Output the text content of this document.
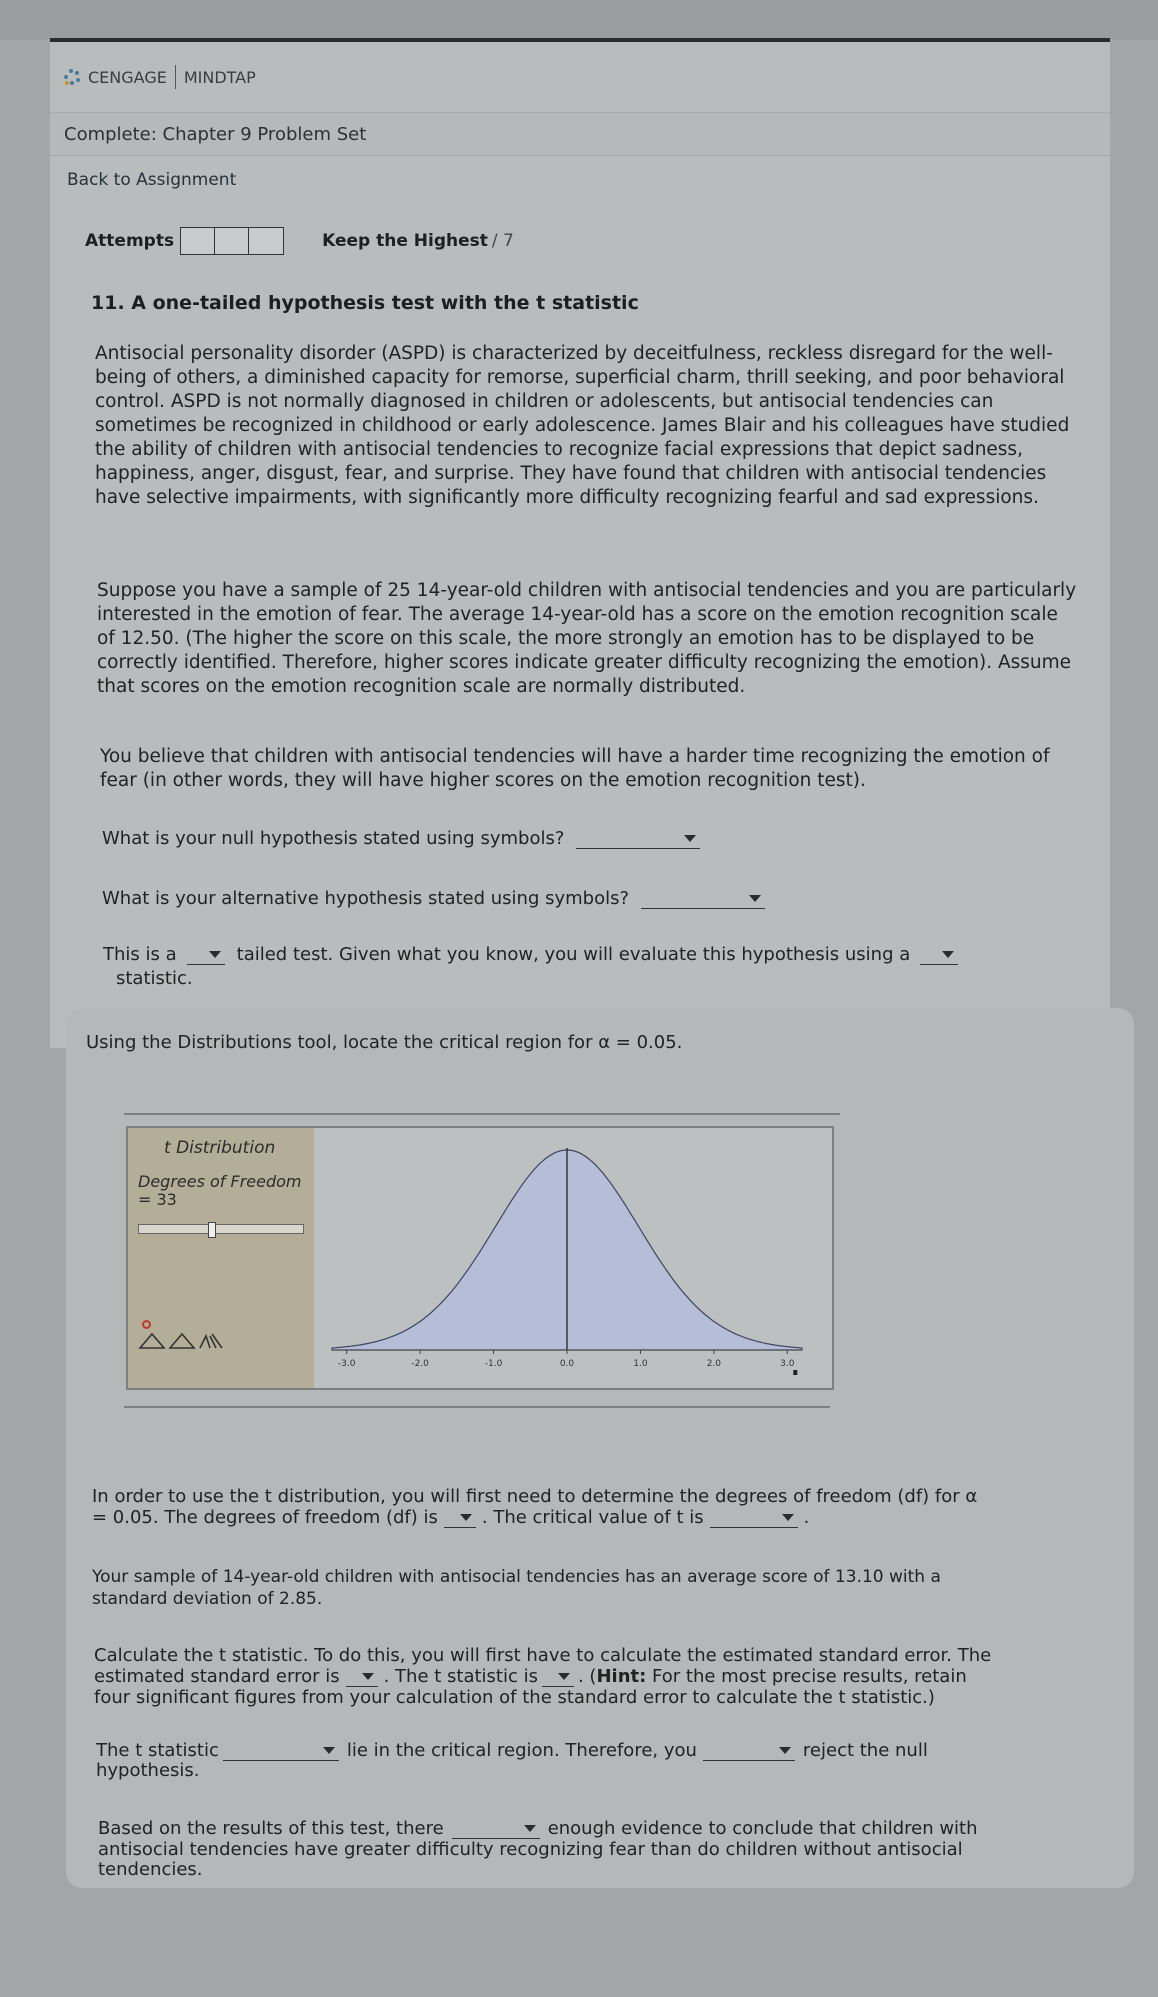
CENGAGE MINDTAP
Complete: Chapter 9 Problem Set
Back to Assignment
Attempts	Keep the Highest / 7
11. A one-tailed hypothesis test with the t statistic
Antisocial personality disorder (ASPD) is characterized by deceitfulness, reckless disregard for the well-being of others, a diminished capacity for remorse, superficial charm, thrill seeking, and poor behavioral control. ASPD is not normally diagnosed in children or adolescents, but antisocial tendencies can sometimes be recognized in childhood or early adolescence. James Blair and his colleagues have studied the ability of children with antisocial tendencies to recognize facial expressions that depict sadness, happiness, anger, disgust, fear, and surprise. They have found that children with antisocial tendencies have selective impairments, with significantly more difficulty recognizing fearful and sad expressions.
Suppose you have a sample of 25 14-year-old children with antisocial tendencies and you are particularly interested in the emotion of fear. The average 14-year-old has a score on the emotion recognition scale of 12.50. (The higher the score on this scale, the more strongly an emotion has to be displayed to be correctly identified. Therefore, higher scores indicate greater difficulty recognizing the emotion). Assume that scores on the emotion recognition scale are normally distributed.
You believe that children with antisocial tendencies will have a harder time recognizing the emotion of fear (in other words, they will have higher scores on the emotion recognition test).
What is your null hypothesis stated using symbols?
What is your alternative hypothesis stated using symbols?
This is a	tailed test. Given what you know, you will evaluate this hypothesis using a
statistic.
Using the Distributions tool, locate the critical region for α = 0.05.
t Distribution
Degrees of Freedom
= 33
-3.0	-2.0	-1.0	0.0	1.0	2.0	3.0
In order to use the t distribution, you will first need to determine the degrees of freedom (df) for α
= 0.05. The degrees of freedom (df) is . The critical value of t is	.
Your sample of 14-year-old children with antisocial tendencies has an average score of 13.10 with a standard deviation of 2.85.
Calculate the t statistic. To do this, you will first have to calculate the estimated standard error. The
estimated standard error is . The t statistic is . ( Hint: For the most precise results, retain
four significant figures from your calculation of the standard error to calculate the t statistic.)
The t statistic	lie in the critical region. Therefore, you	reject the null
hypothesis.
Based on the results of this test, there	enough evidence to conclude that children with
antisocial tendencies have greater difficulty recognizing fear than do children without antisocial
tendencies.
